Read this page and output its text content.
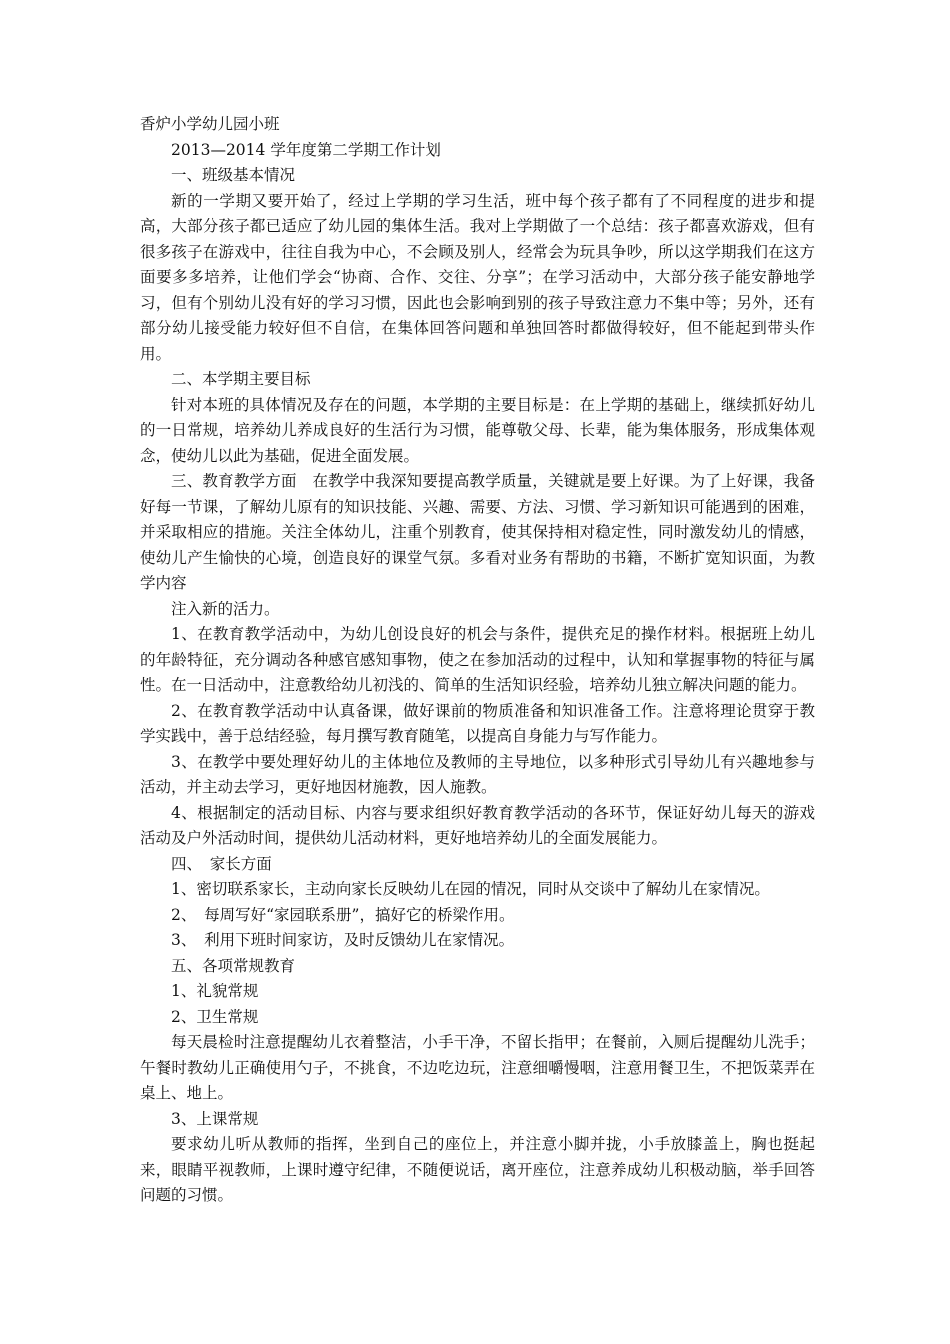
香炉小学幼儿园小班
2013—2014 学年度第二学期工作计划
一、班级基本情况

新的一学期又要开始了，经过上学期的学习生活，班中每个孩子都有了不同程度的进步和提高，大部分孩子都已适应了幼儿园的集体生活。我对上学期做了一个总结：孩子都喜欢游戏，但有很多孩子在游戏中，往往自我为中心，不会顾及别人，经常会为玩具争吵，所以这学期我们在这方面要多多培养，让他们学会“协商、合作、交往、分享”；在学习活动中，大部分孩子能安静地学习，但有个别幼儿没有好的学习习惯，因此也会影响到别的孩子导致注意力不集中等；另外，还有部分幼儿接受能力较好但不自信，在集体回答问题和单独回答时都做得较好，但不能起到带头作用。

二、本学期主要目标

针对本班的具体情况及存在的问题，本学期的主要目标是：在上学期的基础上，继续抓好幼儿的一日常规，培养幼儿养成良好的生活行为习惯，能尊敬父母、长辈，能为集体服务，形成集体观念，使幼儿以此为基础，促进全面发展。

三、教育教学方面　在教学中我深知要提高教学质量，关键就是要上好课。为了上好课，我备好每一节课，了解幼儿原有的知识技能、兴趣、需要、方法、习惯、学习新知识可能遇到的困难，并采取相应的措施。关注全体幼儿，注重个别教育，使其保持相对稳定性，同时激发幼儿的情感，使幼儿产生愉快的心境，创造良好的课堂气氛。多看对业务有帮助的书籍，不断扩宽知识面，为教学内容

注入新的活力。

1、在教育教学活动中，为幼儿创设良好的机会与条件，提供充足的操作材料。根据班上幼儿的年龄特征，充分调动各种感官感知事物，使之在参加活动的过程中，认知和掌握事物的特征与属性。在一日活动中，注意教给幼儿初浅的、简单的生活知识经验，培养幼儿独立解决问题的能力。

2、在教育教学活动中认真备课，做好课前的物质准备和知识准备工作。注意将理论贯穿于教学实践中，善于总结经验，每月撰写教育随笔，以提高自身能力与写作能力。

3、在教学中要处理好幼儿的主体地位及教师的主导地位，以多种形式引导幼儿有兴趣地参与活动，并主动去学习，更好地因材施教，因人施教。

4、根据制定的活动目标、内容与要求组织好教育教学活动的各环节，保证好幼儿每天的游戏活动及户外活动时间，提供幼儿活动材料，更好地培养幼儿的全面发展能力。

四、　家长方面

1、密切联系家长，主动向家长反映幼儿在园的情况，同时从交谈中了解幼儿在家情况。

2、　每周写好“家园联系册”，搞好它的桥梁作用。

3、　利用下班时间家访，及时反馈幼儿在家情况。

五、各项常规教育
1、礼貌常规
2、卫生常规

每天晨检时注意提醒幼儿衣着整洁，小手干净，不留长指甲；在餐前，入厕后提醒幼儿洗手；午餐时教幼儿正确使用勺子，不挑食，不边吃边玩，注意细嚼慢咽，注意用餐卫生，不把饭菜弄在桌上、地上。

3、上课常规

要求幼儿听从教师的指挥，坐到自己的座位上，并注意小脚并拢，小手放膝盖上，胸也挺起来，眼睛平视教师，上课时遵守纪律，不随便说话，离开座位，注意养成幼儿积极动脑，举手回答问题的习惯。
